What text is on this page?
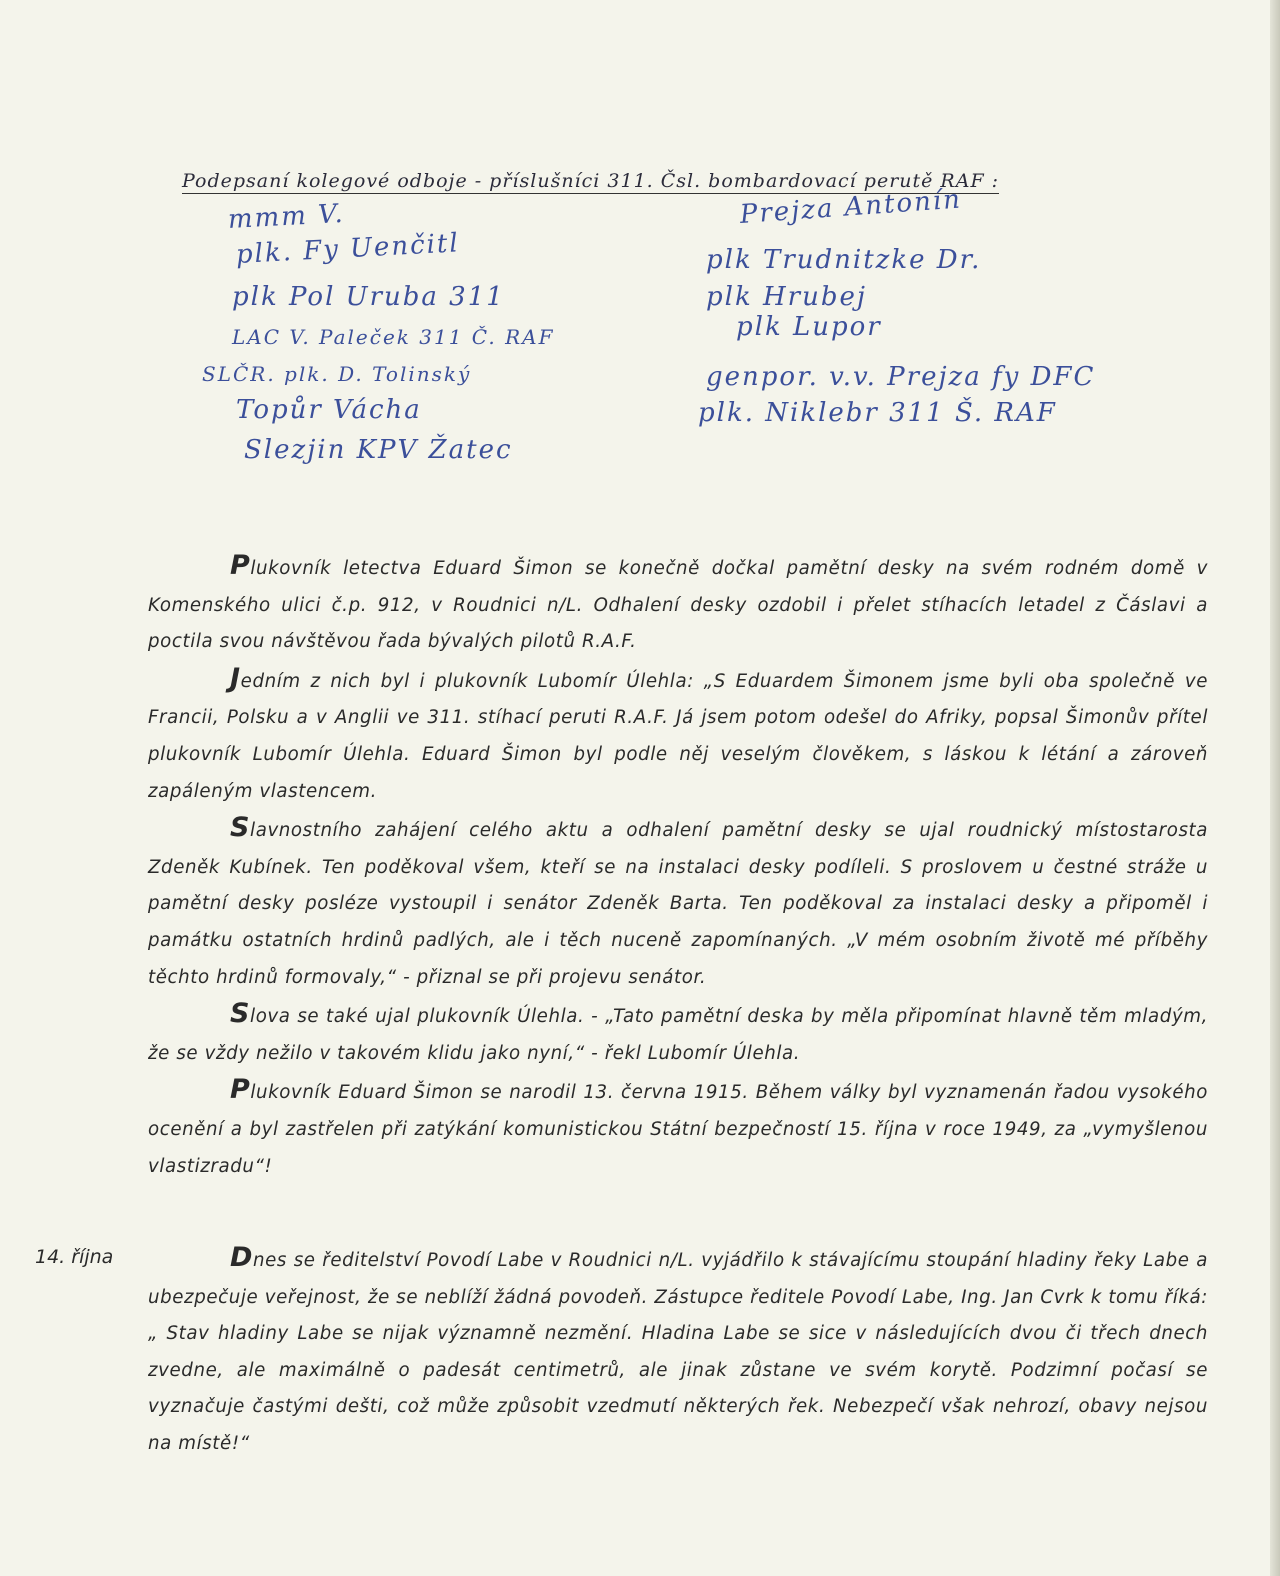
Podepsaní kolegové odboje - příslušníci 311. Čsl. bombardovací perutě RAF :
mmm V.
plk. Fy Uenčitl
plk Pol Uruba 311
LAC V. Paleček 311 Č. RAF
SLČR. plk. D. Tolinský
Topůr Vácha
Slezjin KPV Žatec
Prejza Antonín
plk Trudnitzke Dr.
plk Hrubej
plk Lupor
genpor. v.v. Prejza fy DFC
plk. Niklebr 311 Š. RAF

Plukovník letectva Eduard Šimon se konečně dočkal pamětní desky na svém rodném domě v Komenského ulici č.p. 912, v Roudnici n/L. Odhalení desky ozdobil i přelet stíhacích letadel z Čáslavi a poctila svou návštěvou řada bývalých pilotů R.A.F.

Jedním z nich byl i plukovník Lubomír Úlehla: „S Eduardem Šimonem jsme byli oba společně ve Francii, Polsku a v Anglii ve 311. stíhací peruti R.A.F. Já jsem potom odešel do Afriky, popsal Šimonův přítel plukovník Lubomír Úlehla. Eduard Šimon byl podle něj veselým člověkem, s láskou k létání a zároveň zapáleným vlastencem.

Slavnostního zahájení celého aktu a odhalení pamětní desky se ujal roudnický místostarosta Zdeněk Kubínek. Ten poděkoval všem, kteří se na instalaci desky podíleli. S proslovem u čestné stráže u pamětní desky posléze vystoupil i senátor Zdeněk Barta. Ten poděkoval za instalaci desky a připoměl i památku ostatních hrdinů padlých, ale i těch nuceně zapomínaných. „V mém osobním životě mé příběhy těchto hrdinů formovaly,“ - přiznal se při projevu senátor.

Slova se také ujal plukovník Úlehla. - „Tato pamětní deska by měla připomínat hlavně těm mladým, že se vždy nežilo v takovém klidu jako nyní,“ - řekl Lubomír Úlehla.

Plukovník Eduard Šimon se narodil 13. června 1915. Během války byl vyznamenán řadou vysokého ocenění a byl zastřelen při zatýkání komunistickou Státní bezpečností 15. října v roce 1949, za „vymyšlenou vlastizradu“!

14. října	Dnes se ředitelství Povodí Labe v Roudnici n/L. vyjádřilo k stávajícímu stoupání hladiny řeky Labe a ubezpečuje veřejnost, že se neblíží žádná povodeň. Zástupce ředitele Povodí Labe, Ing. Jan Cvrk k tomu říká: „ Stav hladiny Labe se nijak významně nezmění. Hladina Labe se sice v následujících dvou či třech dnech zvedne, ale maximálně o padesát centimetrů, ale jinak zůstane ve svém korytě. Podzimní počasí se vyznačuje častými dešti, což může způsobit vzedmutí některých řek. Nebezpečí však nehrozí, obavy nejsou na místě!“
